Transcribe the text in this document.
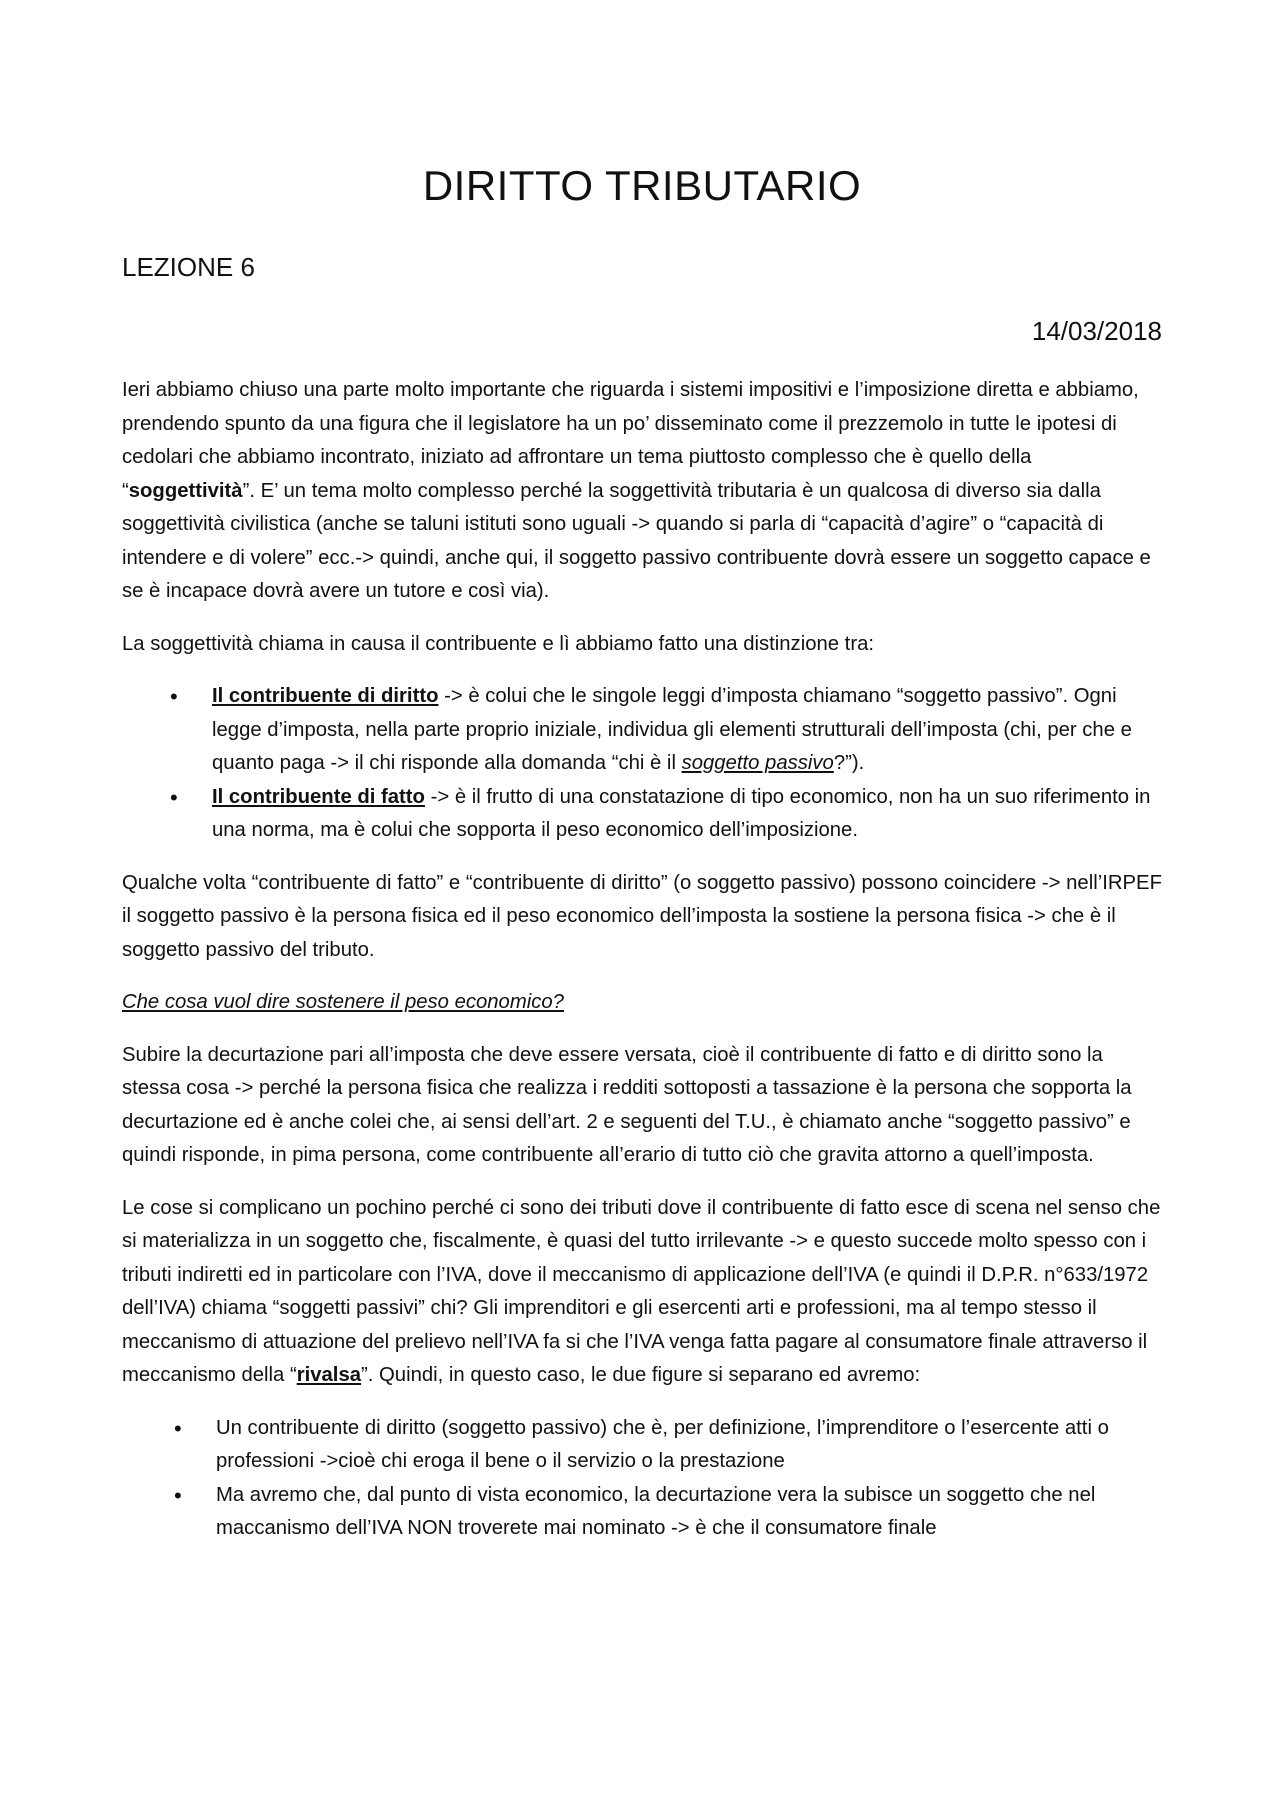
DIRITTO TRIBUTARIO
LEZIONE 6
14/03/2018

Ieri abbiamo chiuso una parte molto importante che riguarda i sistemi impositivi e l’imposizione diretta e abbiamo, prendendo spunto da una figura che il legislatore ha un po’ disseminato come il prezzemolo in tutte le ipotesi di cedolari che abbiamo incontrato, iniziato ad affrontare un tema piuttosto complesso che è quello della “soggettività”. E’ un tema molto complesso perché la soggettività tributaria è un qualcosa di diverso sia dalla soggettività civilistica (anche se taluni istituti sono uguali -> quando si parla di “capacità d’agire” o “capacità di intendere e di volere” ecc.-> quindi, anche qui, il soggetto passivo contribuente dovrà essere un soggetto capace e se è incapace dovrà avere un tutore e così via).

La soggettività chiama in causa il contribuente e lì abbiamo fatto una distinzione tra:

• Il contribuente di diritto -> è colui che le singole leggi d’imposta chiamano “soggetto passivo”. Ogni legge d’imposta, nella parte proprio iniziale, individua gli elementi strutturali dell’imposta (chi, per che e quanto paga -> il chi risponde alla domanda “chi è il soggetto passivo?”).
• Il contribuente di fatto -> è il frutto di una constatazione di tipo economico, non ha un suo riferimento in una norma, ma è colui che sopporta il peso economico dell’imposizione.

Qualche volta “contribuente di fatto” e “contribuente di diritto” (o soggetto passivo) possono coincidere -> nell’IRPEF il soggetto passivo è la persona fisica ed il peso economico dell’imposta la sostiene la persona fisica -> che è il soggetto passivo del tributo.

Che cosa vuol dire sostenere il peso economico?

Subire la decurtazione pari all’imposta che deve essere versata, cioè il contribuente di fatto e di diritto sono la stessa cosa -> perché la persona fisica che realizza i redditi sottoposti a tassazione è la persona che sopporta la decurtazione ed è anche colei che, ai sensi dell’art. 2 e seguenti del T.U., è chiamato anche “soggetto passivo” e quindi risponde, in pima persona, come contribuente all’erario di tutto ciò che gravita attorno a quell’imposta.

Le cose si complicano un pochino perché ci sono dei tributi dove il contribuente di fatto esce di scena nel senso che si materializza in un soggetto che, fiscalmente, è quasi del tutto irrilevante -> e questo succede molto spesso con i tributi indiretti ed in particolare con l’IVA, dove il meccanismo di applicazione dell’IVA (e quindi il D.P.R. n°633/1972 dell’IVA) chiama “soggetti passivi” chi? Gli imprenditori e gli esercenti arti e professioni, ma al tempo stesso il meccanismo di attuazione del prelievo nell’IVA fa si che l’IVA venga fatta pagare al consumatore finale attraverso il meccanismo della “rivalsa”. Quindi, in questo caso, le due figure si separano ed avremo:

• Un contribuente di diritto (soggetto passivo) che è, per definizione, l’imprenditore o l’esercente atti o professioni ->cioè chi eroga il bene o il servizio o la prestazione
• Ma avremo che, dal punto di vista economico, la decurtazione vera la subisce un soggetto che nel maccanismo dell’IVA NON troverete mai nominato -> è che il consumatore finale
